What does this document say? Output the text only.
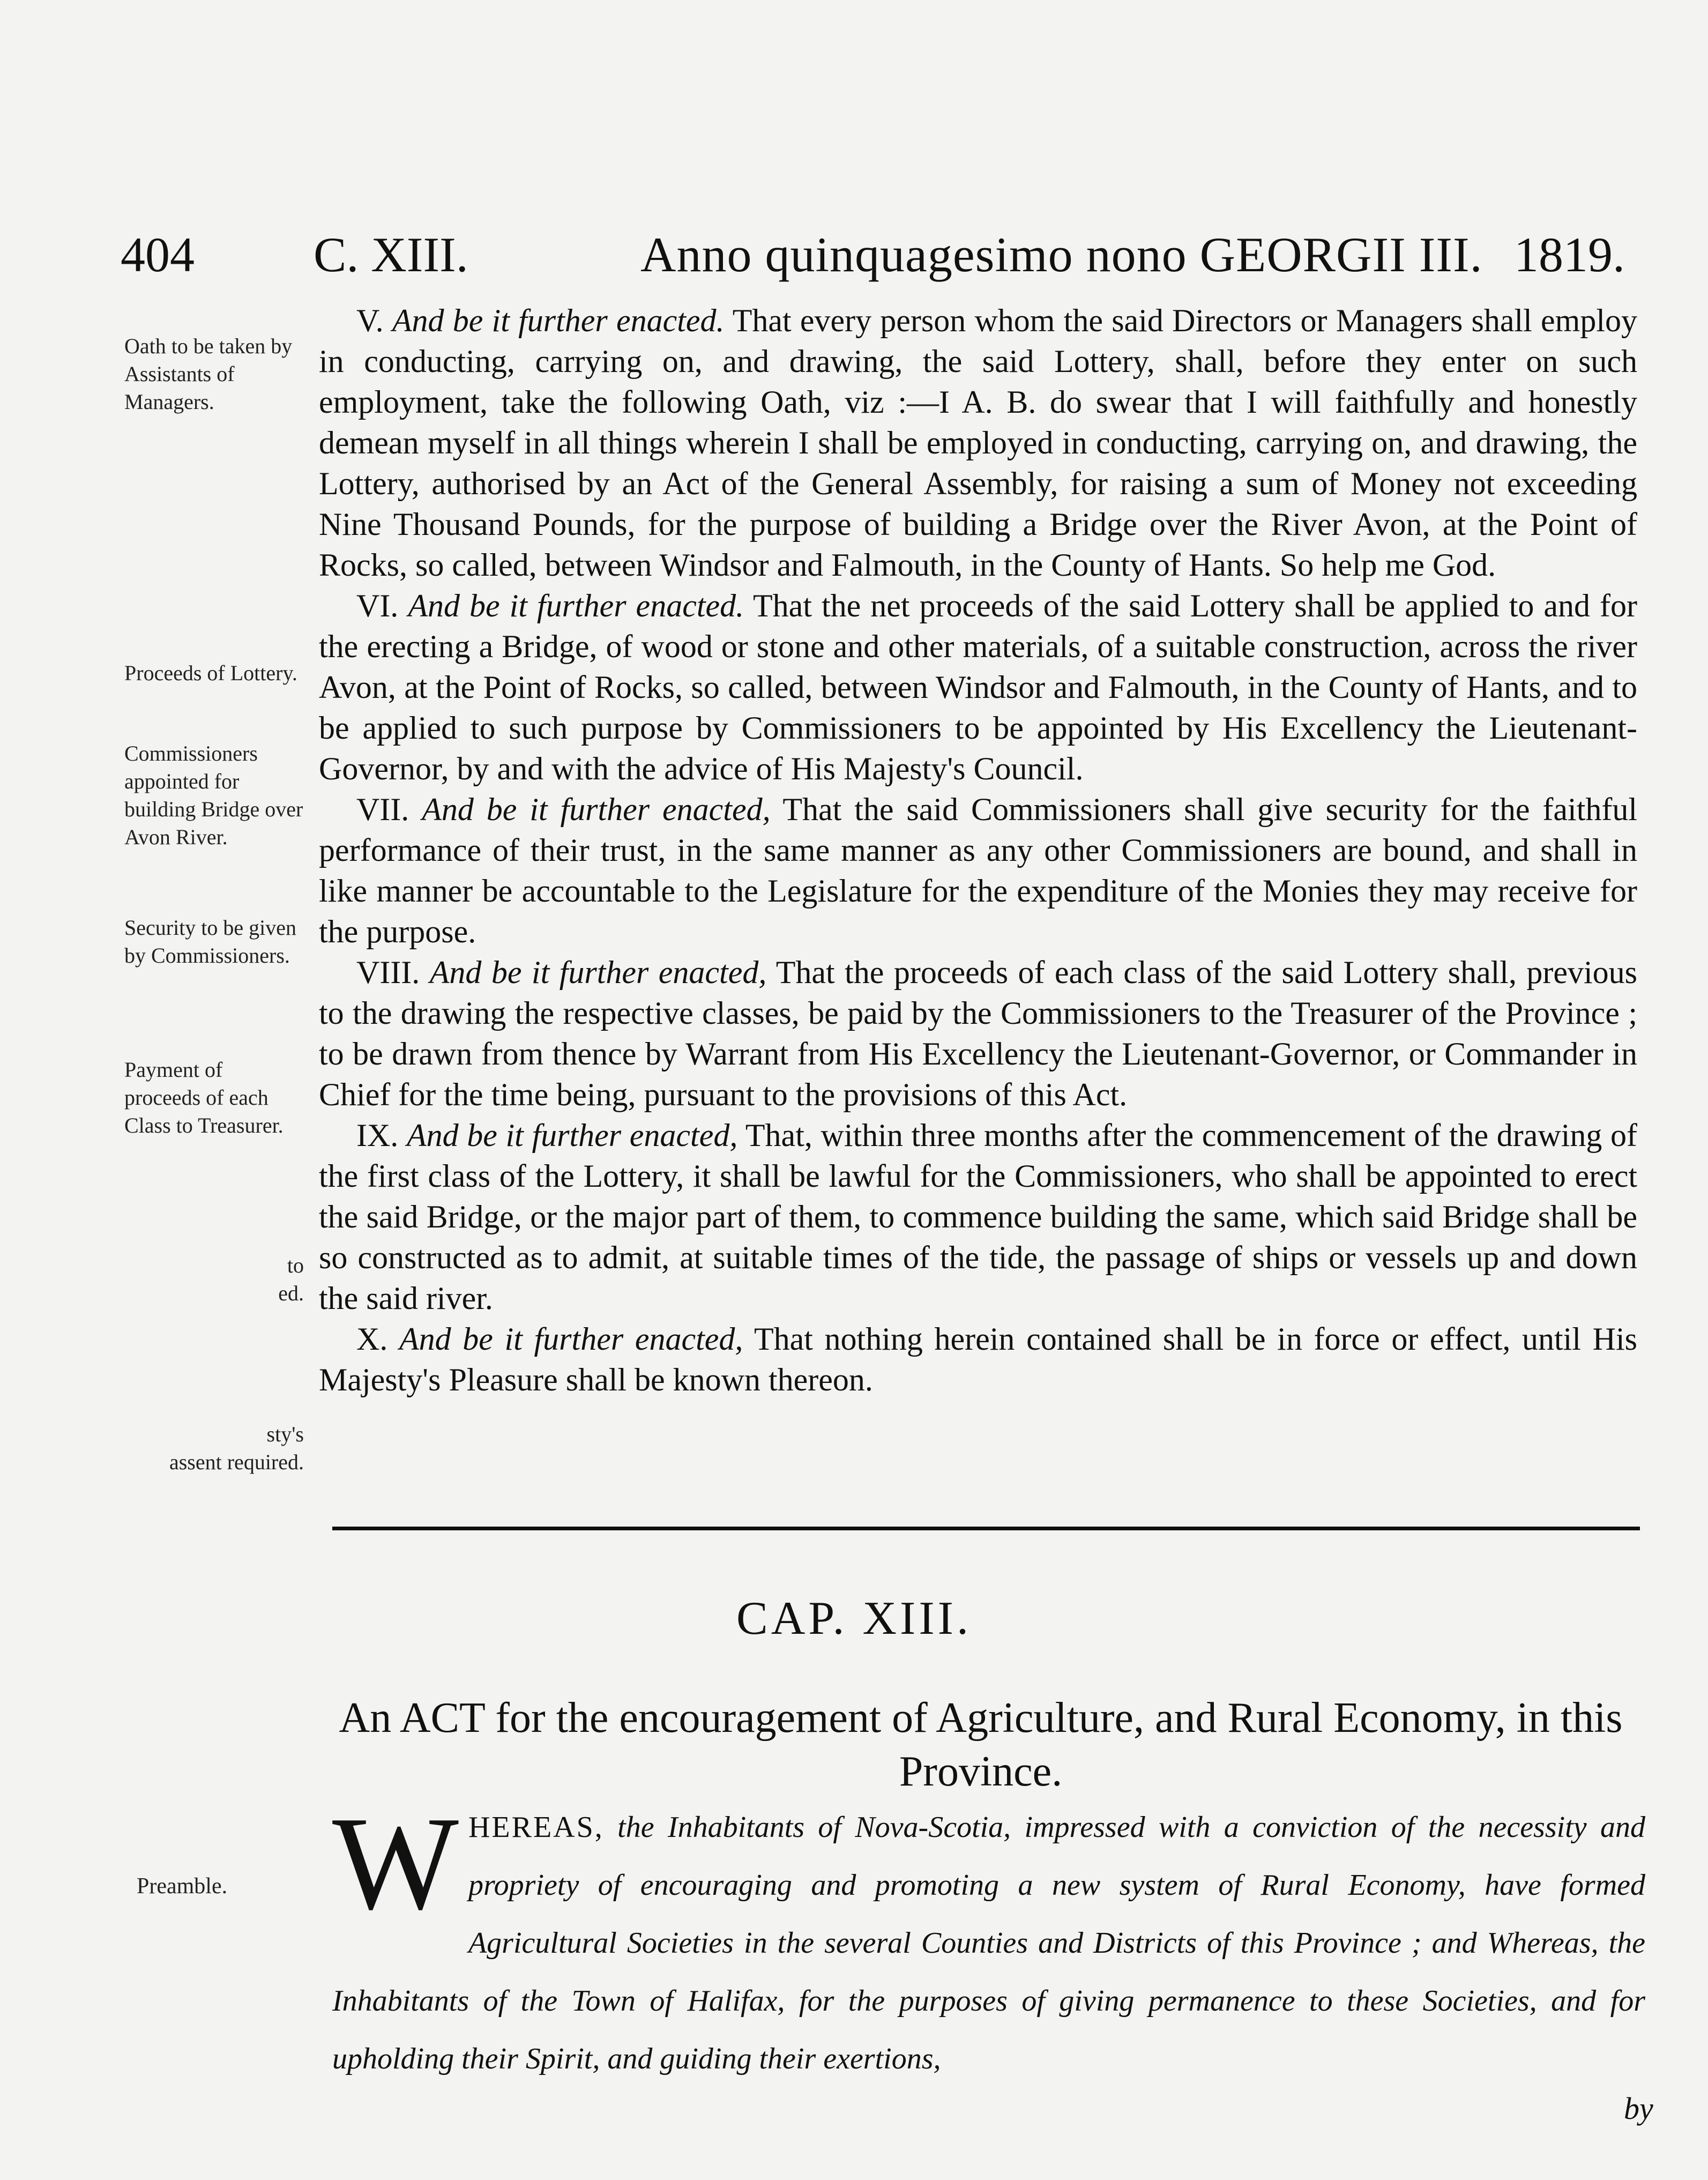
404 C. XIII.	Anno quinquagesimo nono GEORGII III. 1819.
Oath to be taken by Assistants of Managers.
Proceeds of Lottery.
Commissioners appointed for building Bridge over Avon River.
Security to be given by Commissioners.
Payment of proceeds of each Class to Treasurer.
to
ed.
sty's
assent required.

V. And be it further enacted. That every person whom the said Directors or Managers shall employ in conducting, carrying on, and drawing, the said Lottery, shall, before they enter on such employment, take the following Oath, viz :—I A. B. do swear that I will faithfully and honestly demean myself in all things wherein I shall be employed in conducting, carrying on, and drawing, the Lottery, authorised by an Act of the General Assembly, for raising a sum of Money not exceeding Nine Thousand Pounds, for the purpose of building a Bridge over the River Avon, at the Point of Rocks, so called, between Windsor and Falmouth, in the County of Hants. So help me God.

VI. And be it further enacted. That the net proceeds of the said Lottery shall be applied to and for the erecting a Bridge, of wood or stone and other materials, of a suitable construction, across the river Avon, at the Point of Rocks, so called, between Windsor and Falmouth, in the County of Hants, and to be applied to such purpose by Commissioners to be appointed by His Excellency the Lieutenant-Governor, by and with the advice of His Majesty's Council.

VII. And be it further enacted, That the said Commissioners shall give security for the faithful performance of their trust, in the same manner as any other Commissioners are bound, and shall in like manner be accountable to the Legislature for the expenditure of the Monies they may receive for the purpose.

VIII. And be it further enacted, That the proceeds of each class of the said Lottery shall, previous to the drawing the respective classes, be paid by the Commissioners to the Treasurer of the Province ; to be drawn from thence by Warrant from His Excellency the Lieutenant-Governor, or Commander in Chief for the time being, pursuant to the provisions of this Act.

IX. And be it further enacted, That, within three months after the commencement of the drawing of the first class of the Lottery, it shall be lawful for the Commissioners, who shall be appointed to erect the said Bridge, or the major part of them, to commence building the same, which said Bridge shall be so constructed as to admit, at suitable times of the tide, the passage of ships or vessels up and down the said river.

X. And be it further enacted, That nothing herein contained shall be in force or effect, until His Majesty's Pleasure shall be known thereon.

CAP. XIII.
An ACT for the encouragement of Agriculture, and Rural Economy, in this Province.
Preamble. WHEREAS, the Inhabitants of Nova-Scotia, impressed with a conviction of the necessity and propriety of encouraging and promoting a new system of Rural Economy, have formed Agricultural Societies in the several Counties and Districts of this Province ; and Whereas, the Inhabitants of the Town of Halifax, for the purposes of giving permanence to these Societies, and for upholding their Spirit, and guiding their exertions,
by
